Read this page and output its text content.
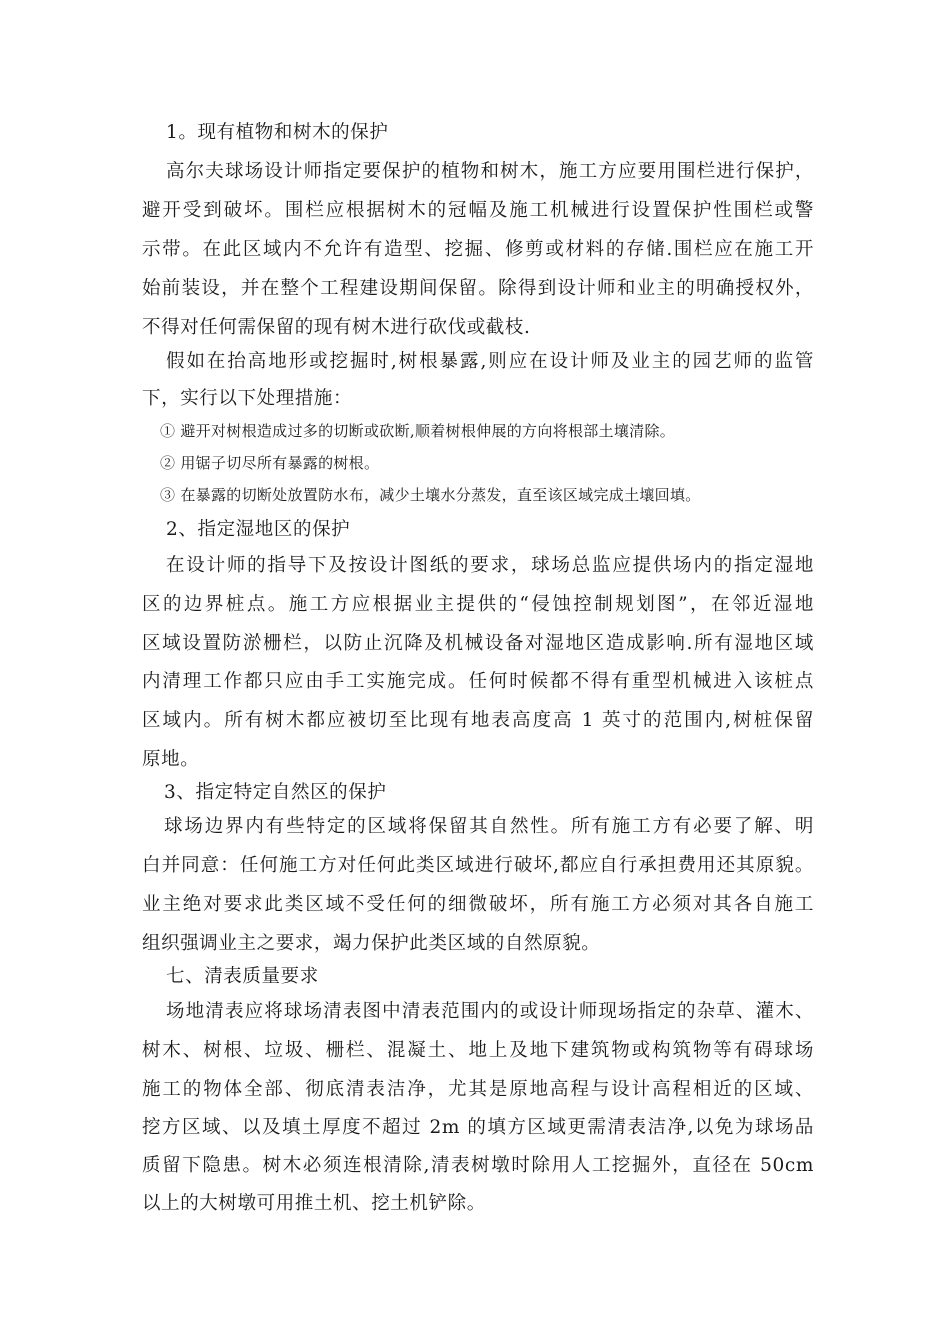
1。现有植物和树木的保护
高尔夫球场设计师指定要保护的植物和树木，施工方应要用围栏进行保护，
避开受到破坏。围栏应根据树木的冠幅及施工机械进行设置保护性围栏或警
示带。在此区域内不允许有造型、挖掘、修剪或材料的存储.围栏应在施工开
始前装设，并在整个工程建设期间保留。除得到设计师和业主的明确授权外，
不得对任何需保留的现有树木进行砍伐或截枝.
假如在抬高地形或挖掘时,树根暴露,则应在设计师及业主的园艺师的监管
下，实行以下处理措施：
① 避开对树根造成过多的切断或砍断,顺着树根伸展的方向将根部土壤清除。
② 用锯子切尽所有暴露的树根。
③ 在暴露的切断处放置防水布，减少土壤水分蒸发，直至该区域完成土壤回填。
2、指定湿地区的保护
在设计师的指导下及按设计图纸的要求，球场总监应提供场内的指定湿地
区的边界桩点。施工方应根据业主提供的“侵蚀控制规划图”，在邻近湿地
区域设置防淤栅栏，以防止沉降及机械设备对湿地区造成影响.所有湿地区域
内清理工作都只应由手工实施完成。任何时候都不得有重型机械进入该桩点
区域内。所有树木都应被切至比现有地表高度高 1 英寸的范围内,树桩保留
原地。
3、指定特定自然区的保护
球场边界内有些特定的区域将保留其自然性。所有施工方有必要了解、明
白并同意：任何施工方对任何此类区域进行破坏,都应自行承担费用还其原貌。
业主绝对要求此类区域不受任何的细微破坏，所有施工方必须对其各自施工
组织强调业主之要求，竭力保护此类区域的自然原貌。
七、清表质量要求
场地清表应将球场清表图中清表范围内的或设计师现场指定的杂草、灌木、
树木、树根、垃圾、栅栏、混凝土、地上及地下建筑物或构筑物等有碍球场
施工的物体全部、彻底清表洁净，尤其是原地高程与设计高程相近的区域、
挖方区域、以及填土厚度不超过 2m 的填方区域更需清表洁净,以免为球场品
质留下隐患。树木必须连根清除,清表树墩时除用人工挖掘外，直径在 50cm
以上的大树墩可用推土机、挖土机铲除。
